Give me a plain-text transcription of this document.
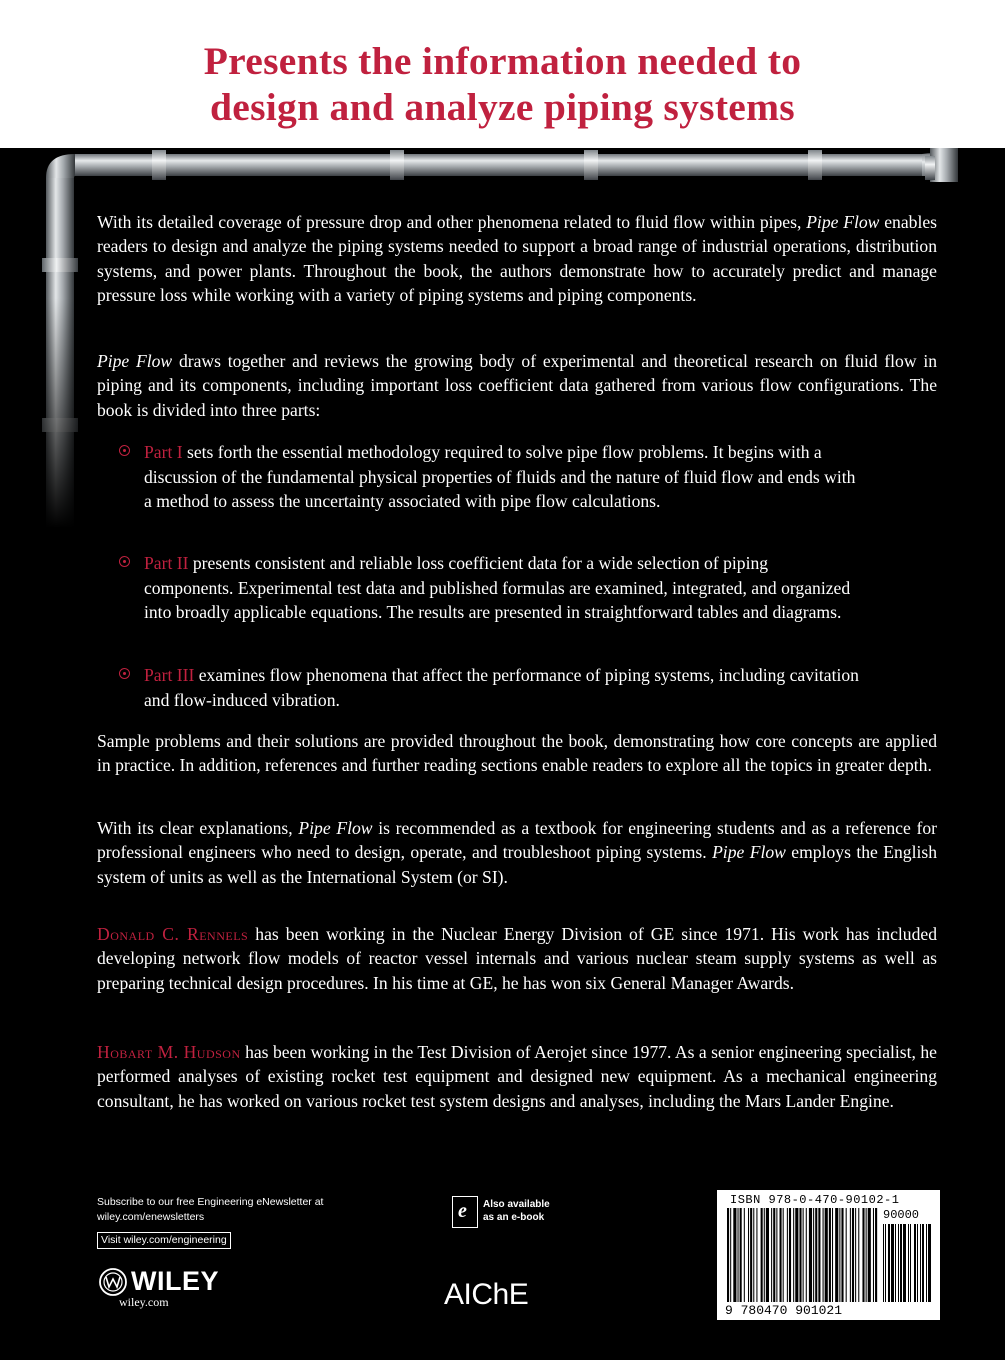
Presents the information needed to
design and analyze piping systems

With its detailed coverage of pressure drop and other phenomena related to fluid flow within pipes, Pipe Flow enables readers to design and analyze the piping systems needed to support a broad range of industrial operations, distribution systems, and power plants. Throughout the book, the authors demonstrate how to accurately predict and manage pressure loss while working with a variety of piping systems and piping components.

Pipe Flow draws together and reviews the growing body of experimental and theoretical research on fluid flow in piping and its components, including important loss coefficient data gathered from various flow configurations. The book is divided into three parts:

Part I sets forth the essential methodology required to solve pipe flow problems. It begins with a discussion of the fundamental physical properties of fluids and the nature of fluid flow and ends with a method to assess the uncertainty associated with pipe flow calculations.

Part II presents consistent and reliable loss coefficient data for a wide selection of piping components. Experimental test data and published formulas are examined, integrated, and organized into broadly applicable equations. The results are presented in straightforward tables and diagrams.

Part III examines flow phenomena that affect the performance of piping systems, including cavitation and flow-induced vibration.

Sample problems and their solutions are provided throughout the book, demonstrating how core concepts are applied in practice. In addition, references and further reading sections enable readers to explore all the topics in greater depth.

With its clear explanations, Pipe Flow is recommended as a textbook for engineering students and as a reference for professional engineers who need to design, operate, and troubleshoot piping systems. Pipe Flow employs the English system of units as well as the International System (or SI).

Donald C. Rennels has been working in the Nuclear Energy Division of GE since 1971. His work has included developing network flow models of reactor vessel internals and various nuclear steam supply systems as well as preparing technical design procedures. In his time at GE, he has won six General Manager Awards.

Hobart M. Hudson has been working in the Test Division of Aerojet since 1977. As a senior engineering specialist, he performed analyses of existing rocket test equipment and designed new equipment. As a mechanical engineering consultant, he has worked on various rocket test system designs and analyses, including the Mars Lander Engine.

Subscribe to our free Engineering eNewsletter at
wiley.com/enewsletters
Visit wiley.com/engineering
WILEY
wiley.com
e Also available
as an e-book
AIChE
ISBN 978-0-470-90102-1
90000
9 780470 901021
